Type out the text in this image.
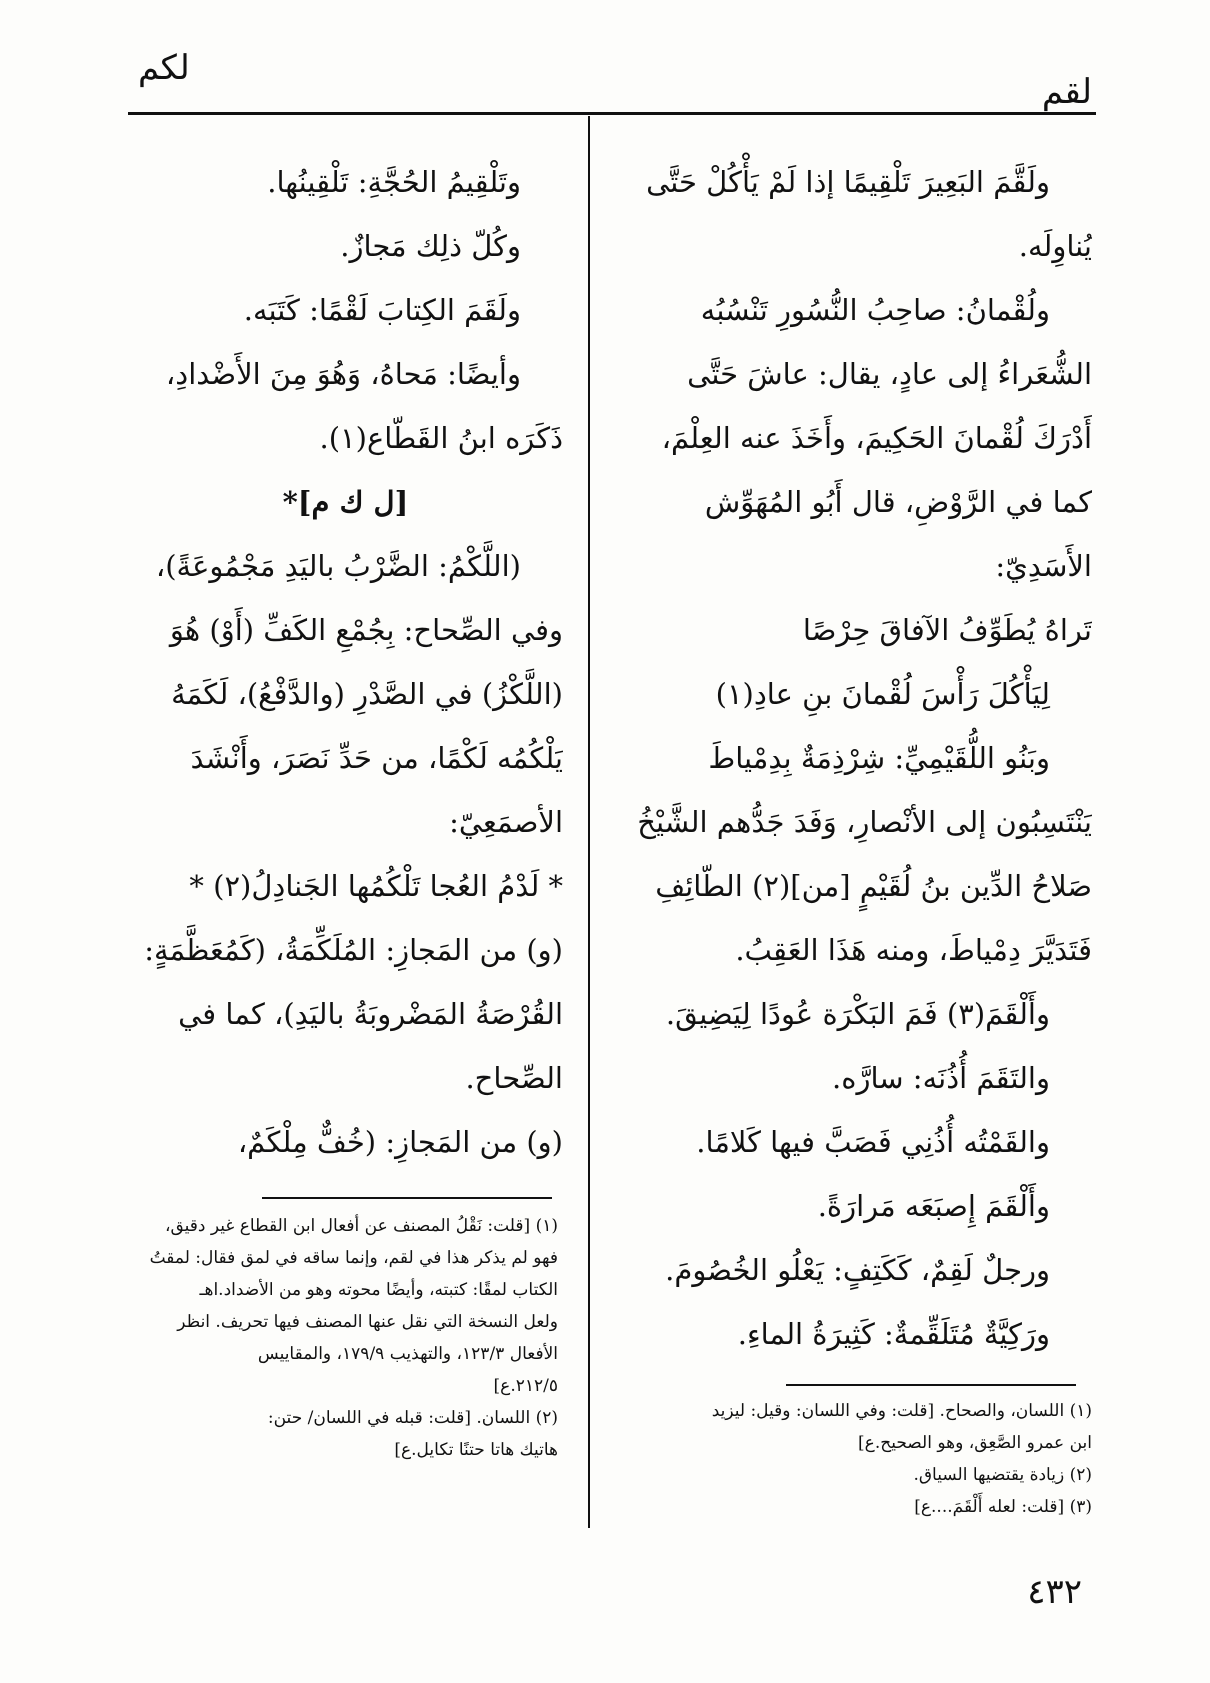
لقم
لكم
ولَقَّمَ البَعِيرَ تَلْقِيمًا إذا لَمْ يَأْكُلْ حَتَّى
يُناوِلَه.
ولُقْمانُ: صاحِبُ النُّسُورِ تَنْسُبُه
الشُّعَراءُ إلى عادٍ، يقال: عاشَ حَتَّى
أَدْرَكَ لُقْمانَ الحَكِيمَ، وأَخَذَ عنه العِلْمَ،
كما في الرَّوْضِ، قال أَبُو المُهَوِّش
الأَسَدِيّ:
تَراهُ يُطَوِّفُ الآفاقَ حِرْصًا
لِيَأْكُلَ رَأْسَ لُقْمانَ بنِ عادِ(١)
وبَنُو اللُّقَيْمِيِّ: شِرْذِمَةٌ بِدِمْياطَ
يَنْتَسِبُون إلى الأنْصارِ، وَفَدَ جَدُّهم الشَّيْخُ
صَلاحُ الدِّين بنُ لُقَيْمٍ [من](٢) الطّائِفِ
فَتَدَيَّرَ دِمْياطَ، ومنه هَذَا العَقِبُ.
وأَلْقَمَ(٣) فَمَ البَكْرَة عُودًا لِيَضِيقَ.
والتَقَمَ أُذُنَه: سارَّه.
والقَمْتُه أُذُنِي فَصَبَّ فيها كَلامًا.
وأَلْقَمَ إِصبَعَه مَرارَةً.
ورجلٌ لَقِمٌ، كَكَتِفٍ: يَعْلُو الخُصُومَ.
ورَكِيَّةٌ مُتَلَقِّمةٌ: كَثِيرَةُ الماءِ.
وتَلْقِيمُ الحُجَّةِ: تَلْقِينُها.
وكُلّ ذلِك مَجازٌ.
ولَقَمَ الكِتابَ لَقْمًا: كَتَبَه.
وأيضًا: مَحاهُ، وَهُوَ مِنَ الأَضْدادِ،
ذَكَرَه ابنُ القَطّاع(١).
[ل ك م]*
(اللَّكْمُ: الضَّرْبُ باليَدِ مَجْمُوعَةً)،
وفي الصِّحاح: بِجُمْعِ الكَفِّ (أَوْ) هُوَ
(اللَّكْزُ) في الصَّدْرِ (والدَّفْعُ)، لَكَمَهُ
يَلْكُمُه لَكْمًا، من حَدِّ نَصَرَ، وأَنْشَدَ
الأصمَعِيّ:
* لَدْمُ العُجا تَلْكُمُها الجَنادِلُ(٢) *
(و) من المَجازِ: المُلَكِّمَةُ، (كَمُعَظَّمَةٍ:
القُرْصَةُ المَضْروبَةُ باليَدِ)، كما في
الصِّحاح.
(و) من المَجازِ: (خُفٌّ مِلْكَمٌ،
(١) [قلت: نَقْلُ المصنف عن أفعال ابن القطاع غير دقيق،
فهو لم يذكر هذا في لقم، وإنما ساقه في لمق فقال: لمقتُ
الكتاب لمقًا: كتبته، وأيضًا محوته وهو من الأضداد.اهـ
ولعل النسخة التي نقل عنها المصنف فيها تحريف. انظر
الأفعال ١٢٣/٣، والتهذيب ١٧٩/٩، والمقاييس
٢١٢/٥.ع]
(٢) اللسان. [قلت: قبله في اللسان/ حتن:
هاتيك هاتا حتنًا تكايل.ع]
(١) اللسان، والصحاح. [قلت: وفي اللسان: وقيل: ليزيد
ابن عمرو الصَّعِق، وهو الصحيح.ع]
(٢) زيادة يقتضيها السياق.
(٣) [قلت: لعله أَلْقَمَ....ع]
٤٣٢
